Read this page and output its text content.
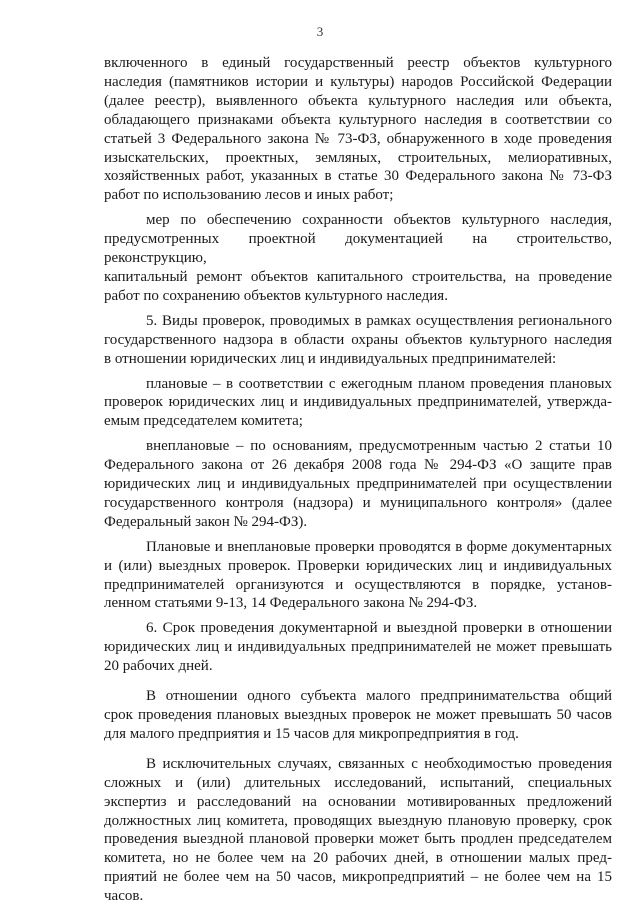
3

включенного в единый государственный реестр объектов культурного

наследия (памятников истории и культуры) народов Российской Федерации

(далее реестр), выявленного объекта культурного наследия или объекта,

обладающего признаками объекта культурного наследия в соответствии со

статьей 3 Федерального закона № 73-ФЗ, обнаруженного в ходе проведения

изыскательских, проектных, земляных, строительных, мелиоративных,

хозяйственных работ, указанных в статье 30 Федерального закона № 73-ФЗ

работ по использованию лесов и иных работ;

мер по обеспечению сохранности объектов культурного наследия,

предусмотренных проектной документацией на строительство, реконструкцию,

капитальный ремонт объектов капитального строительства, на проведение

работ по сохранению объектов культурного наследия.

5. Виды проверок, проводимых в рамках осуществления регионального

государственного надзора в области охраны объектов культурного наследия

в отношении юридических лиц и индивидуальных предпринимателей:

плановые – в соответствии с ежегодным планом проведения плановых

проверок юридических лиц и индивидуальных предпринимателей, утвержда-

емым председателем комитета;

внеплановые – по основаниям, предусмотренным частью 2 статьи 10

Федерального закона от 26 декабря 2008 года № 294-ФЗ «О защите прав

юридических лиц и индивидуальных предпринимателей при осуществлении

государственного контроля (надзора) и муниципального контроля» (далее

Федеральный закон № 294-ФЗ).

Плановые и внеплановые проверки проводятся в форме документарных

и (или) выездных проверок. Проверки юридических лиц и индивидуальных

предпринимателей организуются и осуществляются в порядке, установ-

ленном статьями 9-13, 14 Федерального закона № 294-ФЗ.

6. Срок проведения документарной и выездной проверки в отношении

юридических лиц и индивидуальных предпринимателей не может превышать

20 рабочих дней.

В отношении одного субъекта малого предпринимательства общий

срок проведения плановых выездных проверок не может превышать 50 часов

для малого предприятия и 15 часов для микропредприятия в год.

В исключительных случаях, связанных с необходимостью проведения

сложных и (или) длительных исследований, испытаний, специальных

экспертиз и расследований на основании мотивированных предложений

должностных лиц комитета, проводящих выездную плановую проверку, срок

проведения выездной плановой проверки может быть продлен председателем

комитета, но не более чем на 20 рабочих дней, в отношении малых пред-

приятий не более чем на 50 часов, микропредприятий – не более чем на 15 часов.
